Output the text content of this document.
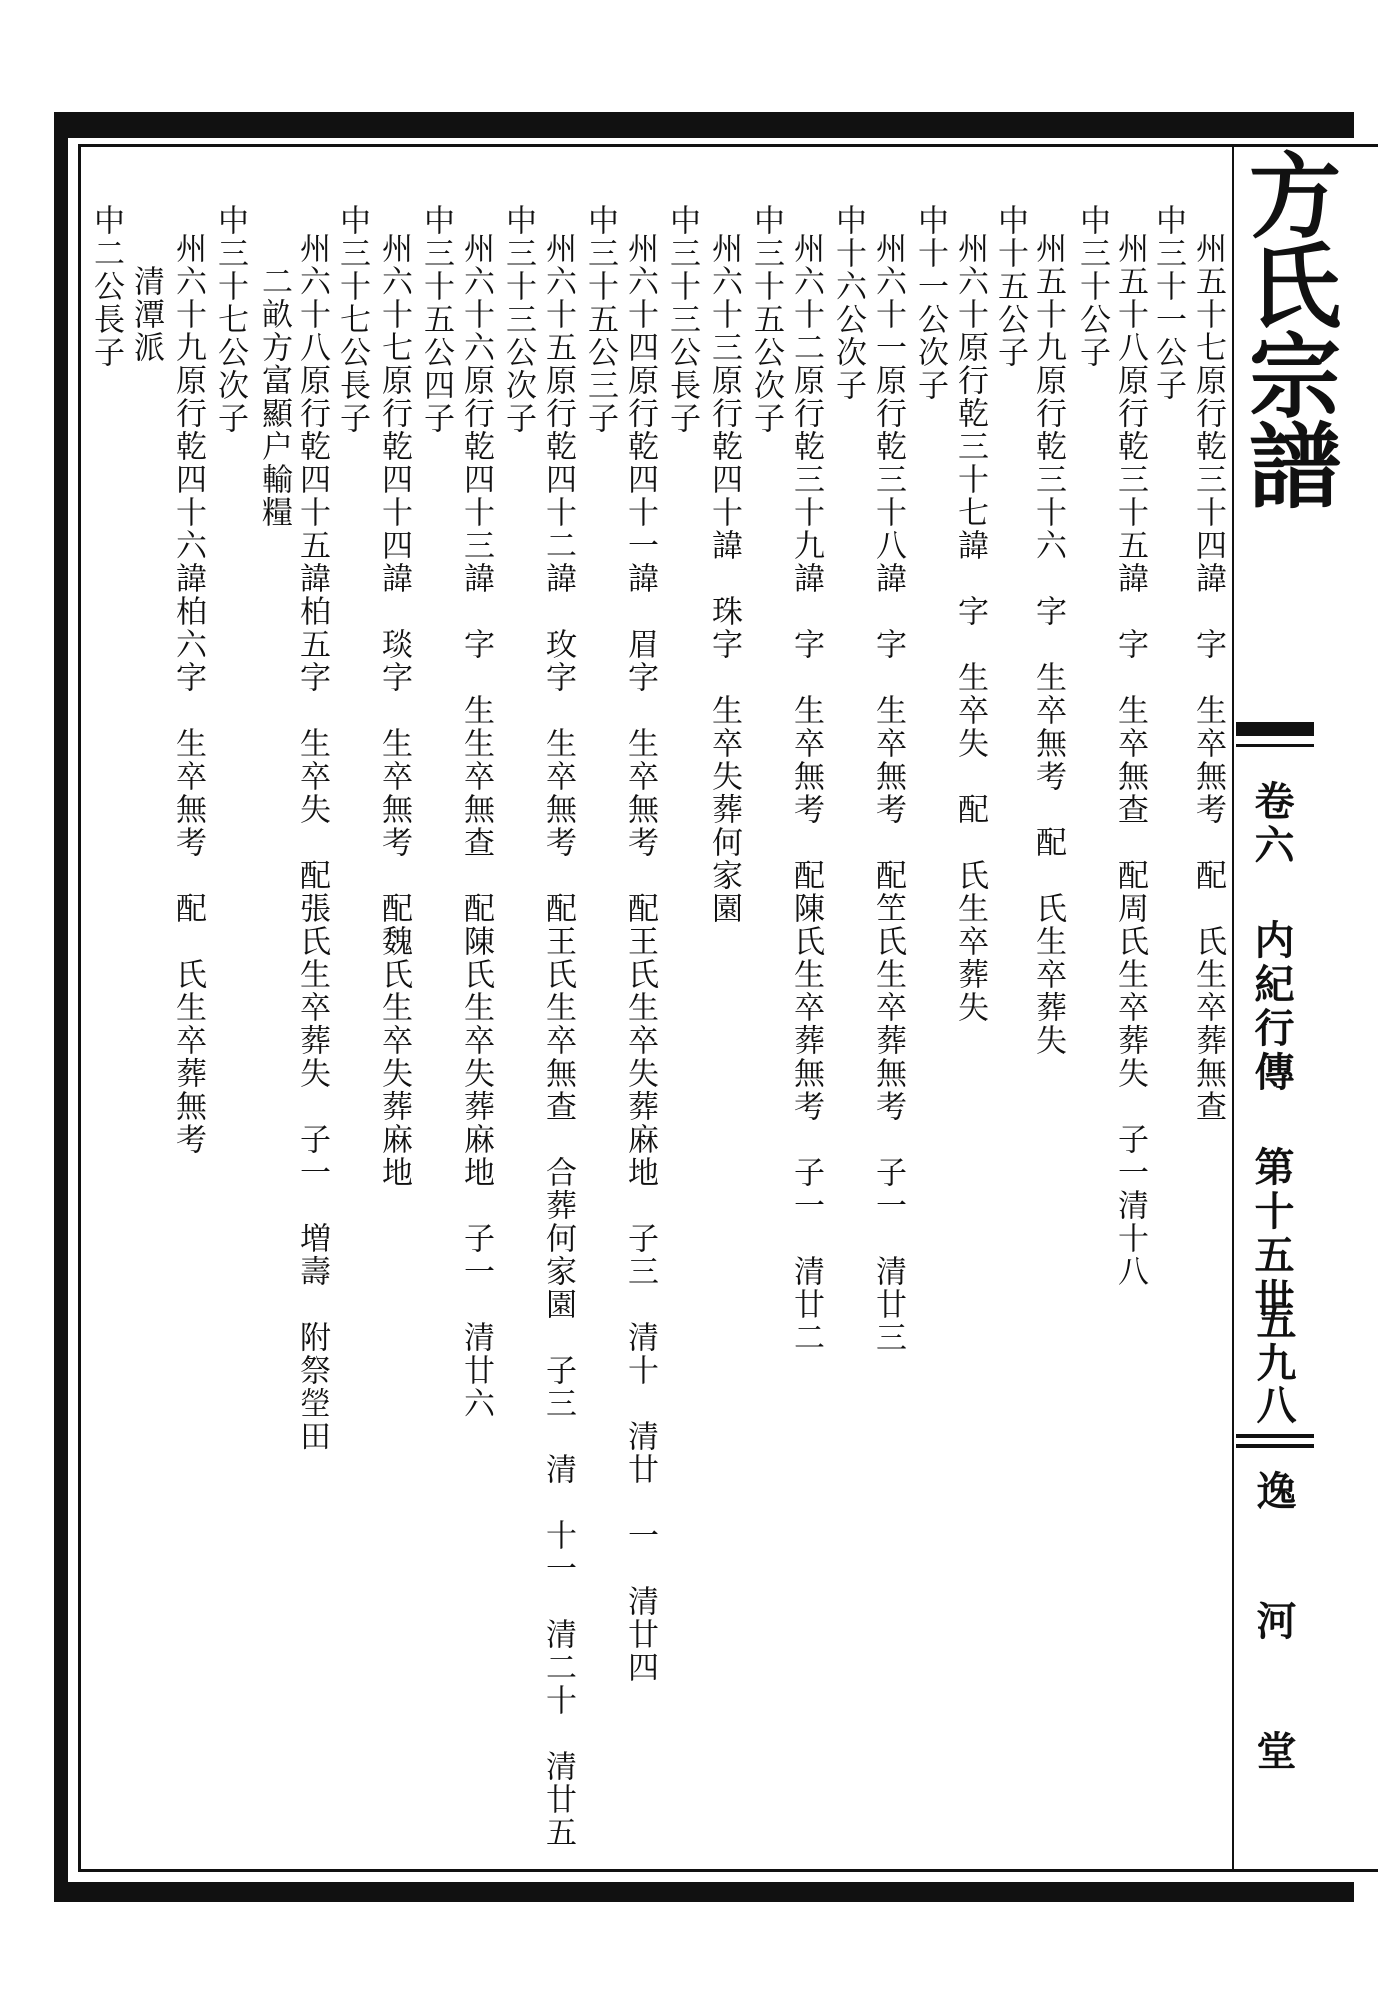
方氏宗譜
卷六 内紀行傳 第十五世
五九八
逸河堂
州五十七原行乾三十四諱　字　生卒無考　配　氏生卒葬無查
中三十一公子
州五十八原行乾三十五諱　字　生卒無查　配周氏生卒葬失　子一清十八
中三十公子
州五十九原行乾三十六　字　生卒無考　配　氏生卒葬失
中十五公子
州六十原行乾三十七諱　字　生卒失　配　氏生卒葬失
中十一公次子
州六十一原行乾三十八諱　字　生卒無考　配笁氏生卒葬無考　子一　清廿三
中十六公次子
州六十二原行乾三十九諱　字　生卒無考　配陳氏生卒葬無考　子一　清廿二
中三十五公次子
州六十三原行乾四十諱　珠字　生卒失葬何家園
中三十三公長子
州六十四原行乾四十一諱　眉字　生卒無考　配王氏生卒失葬麻地　子三　清十　清廿　一　清廿四
中三十五公三子
州六十五原行乾四十二諱　玫字　生卒無考　配王氏生卒無查　合葬何家園　子三　清　十一　清二十　清廿五
中三十三公次子
州六十六原行乾四十三諱　字　生生卒無查　配陳氏生卒失葬麻地　子一　清廿六
中三十五公四子
州六十七原行乾四十四諱　琰字　生卒無考　配魏氏生卒失葬麻地
中三十七公長子
州六十八原行乾四十五諱柏五字　生卒失　配張氏生卒葬失　子一　増壽　附祭塋田
　二畝方富顯户輸糧
中三十七公次子
州六十九原行乾四十六諱柏六字　生卒無考　配　氏生卒葬無考
　清潭派
中二公長子
